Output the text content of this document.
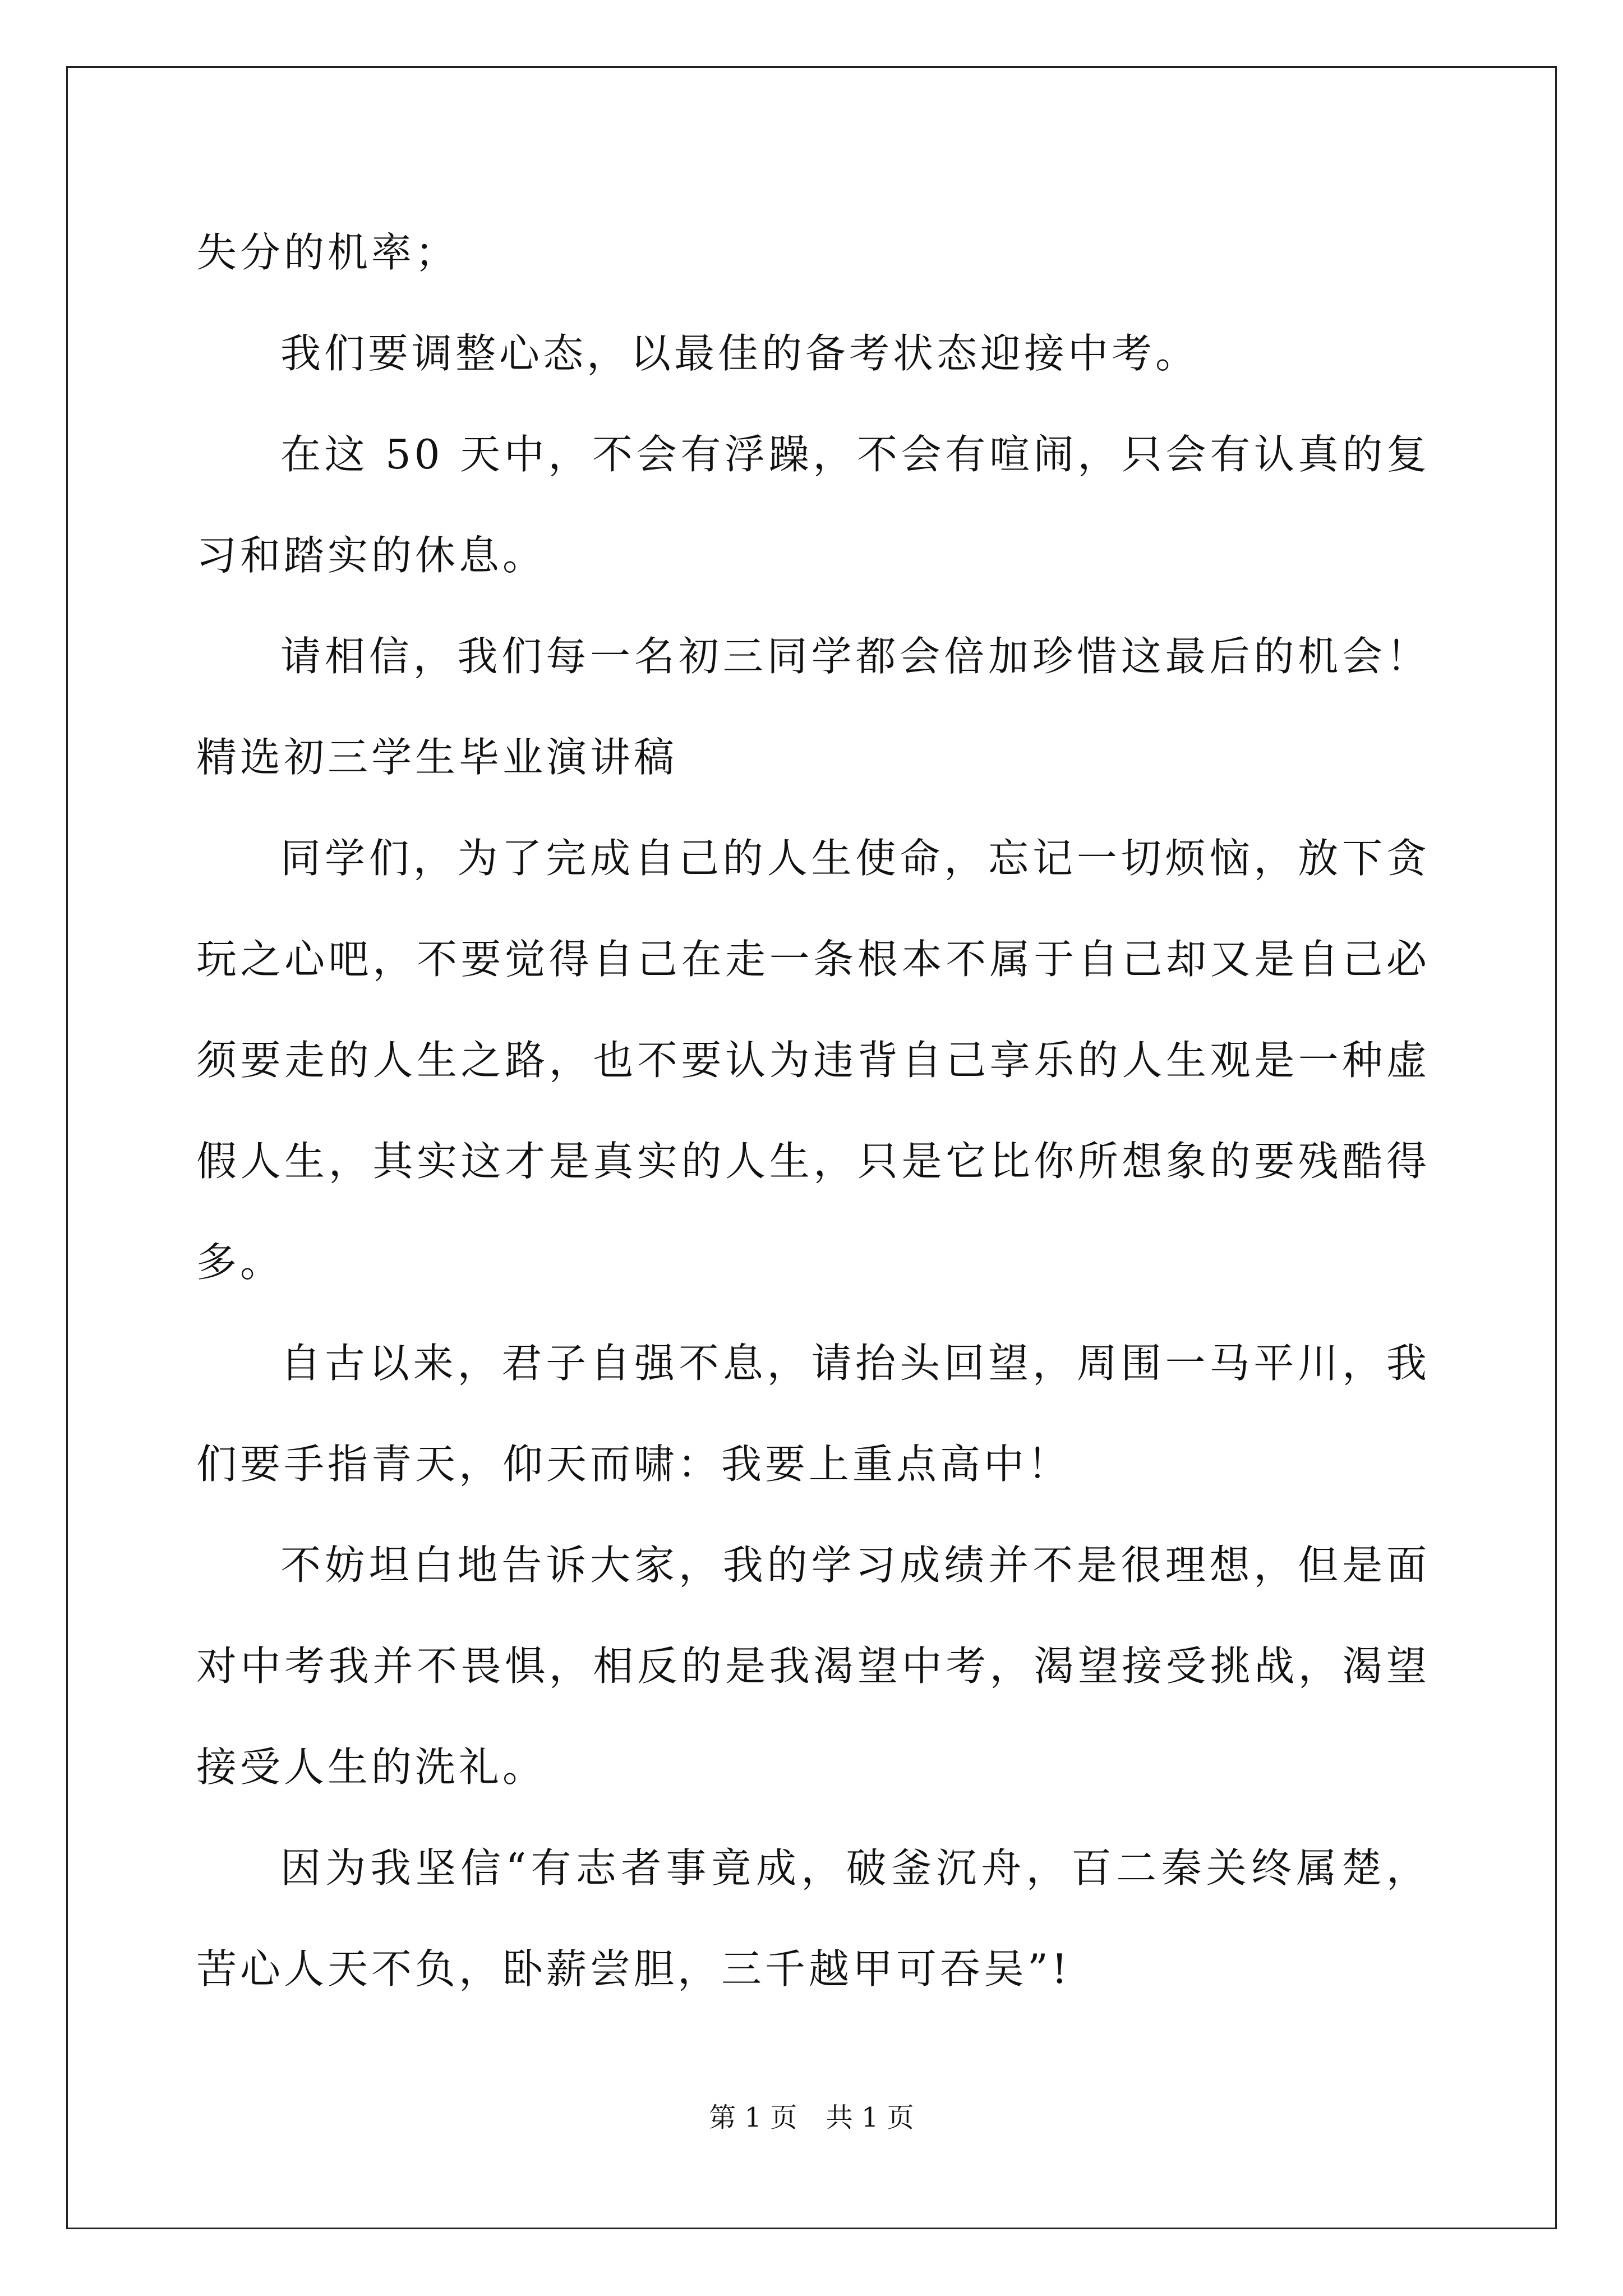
失分的机率；

我们要调整心态，以最佳的备考状态迎接中考。

在这 50 天中，不会有浮躁，不会有喧闹，只会有认真的复习和踏实的休息。

请相信，我们每一名初三同学都会倍加珍惜这最后的机会！精选初三学生毕业演讲稿

同学们，为了完成自己的人生使命，忘记一切烦恼，放下贪玩之心吧，不要觉得自己在走一条根本不属于自己却又是自己必须要走的人生之路，也不要认为违背自己享乐的人生观是一种虚假人生，其实这才是真实的人生，只是它比你所想象的要残酷得多。

自古以来，君子自强不息，请抬头回望，周围一马平川，我们要手指青天，仰天而啸：我要上重点高中！

不妨坦白地告诉大家，我的学习成绩并不是很理想，但是面对中考我并不畏惧，相反的是我渴望中考，渴望接受挑战，渴望接受人生的洗礼。

因为我坚信“有志者事竟成，破釜沉舟，百二秦关终属楚，苦心人天不负，卧薪尝胆，三千越甲可吞吴”!

第 1 页 共 1 页
